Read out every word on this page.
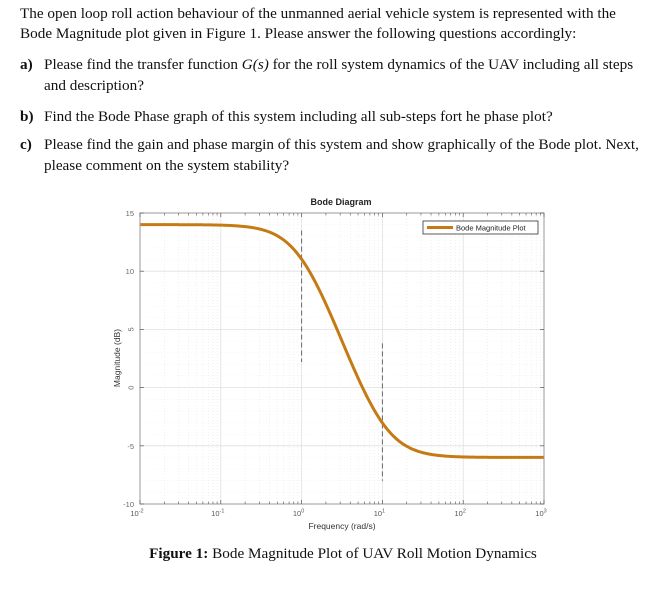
The open loop roll action behaviour of the unmanned aerial vehicle system is represented with the Bode Magnitude plot given in Figure 1. Please answer the following questions accordingly:
a) Please find the transfer function G(s) for the roll system dynamics of the UAV including all steps and description?
b) Find the Bode Phase graph of this system including all sub-steps fort he phase plot?
c) Please find the gain and phase margin of this system and show graphically of the Bode plot. Next, please comment on the system stability?
$10^{-2}$	$10^{-1}$	$10^0$	$10^1$	$10^2$	$10^3$
15
10
5
0
-5
-10
Bode Diagram
Frequency (rad/s)
Magnitude (dB)
Bode Magnitude Plot
Figure 1: Bode Magnitude Plot of UAV Roll Motion Dynamics
